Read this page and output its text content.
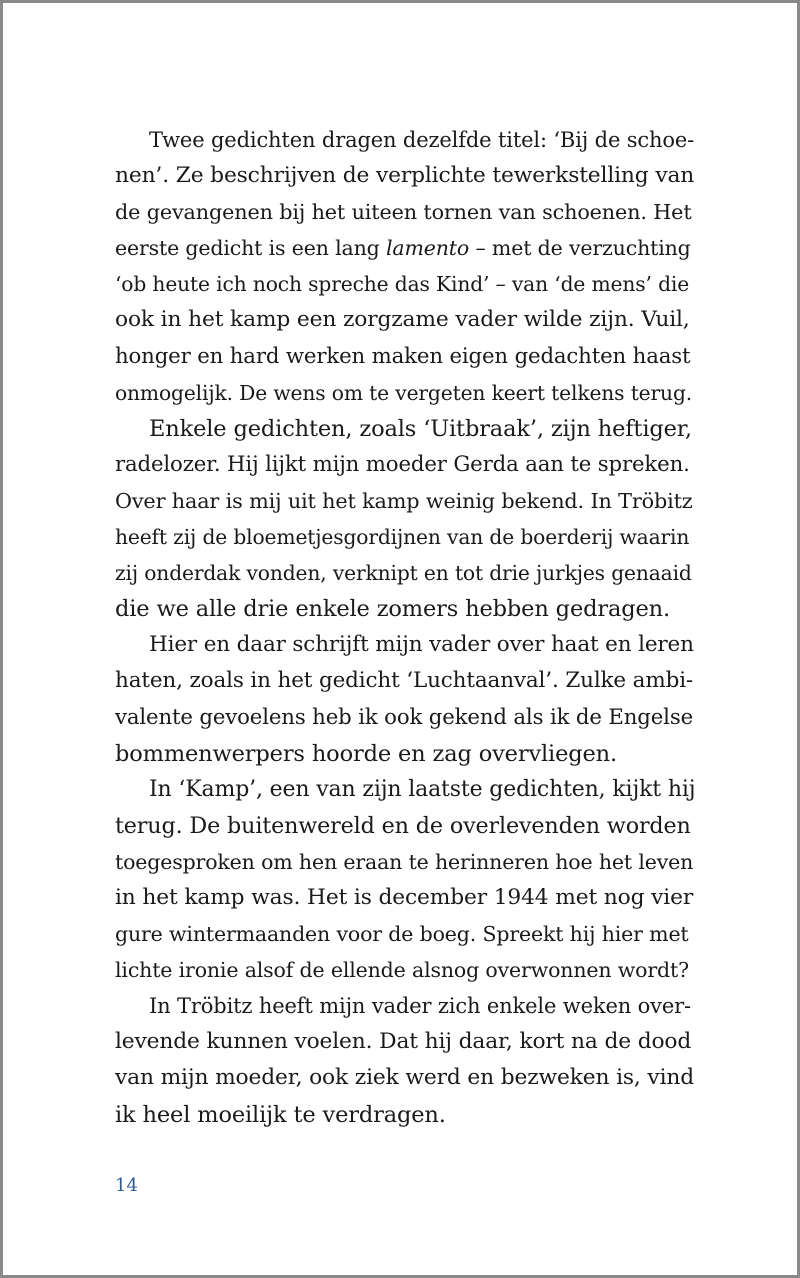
Twee gedichten dragen dezelfde titel: ‘Bij de schoe-
nen’. Ze beschrijven de verplichte tewerkstelling van
de gevangenen bij het uiteen tornen van schoenen. Het
eerste gedicht is een lang lamento – met de verzuchting
‘ob heute ich noch spreche das Kind’ – van ‘de mens’ die
ook in het kamp een zorgzame vader wilde zijn. Vuil,
honger en hard werken maken eigen gedachten haast
onmogelijk. De wens om te vergeten keert telkens terug.
Enkele gedichten, zoals ‘Uitbraak’, zijn heftiger,
radelozer. Hij lijkt mijn moeder Gerda aan te spreken.
Over haar is mij uit het kamp weinig bekend. In Tröbitz
heeft zij de bloemetjesgordijnen van de boerderij waarin
zij onderdak vonden, verknipt en tot drie jurkjes genaaid
die we alle drie enkele zomers hebben gedragen.
Hier en daar schrijft mijn vader over haat en leren
haten, zoals in het gedicht ‘Luchtaanval’. Zulke ambi-
valente gevoelens heb ik ook gekend als ik de Engelse
bommenwerpers hoorde en zag overvliegen.
In ‘Kamp’, een van zijn laatste gedichten, kijkt hij
terug. De buitenwereld en de overlevenden worden
toegesproken om hen eraan te herinneren hoe het leven
in het kamp was. Het is december 1944 met nog vier
gure wintermaanden voor de boeg. Spreekt hij hier met
lichte ironie alsof de ellende alsnog overwonnen wordt?
In Tröbitz heeft mijn vader zich enkele weken over-
levende kunnen voelen. Dat hij daar, kort na de dood
van mijn moeder, ook ziek werd en bezweken is, vind
ik heel moeilijk te verdragen.
14
